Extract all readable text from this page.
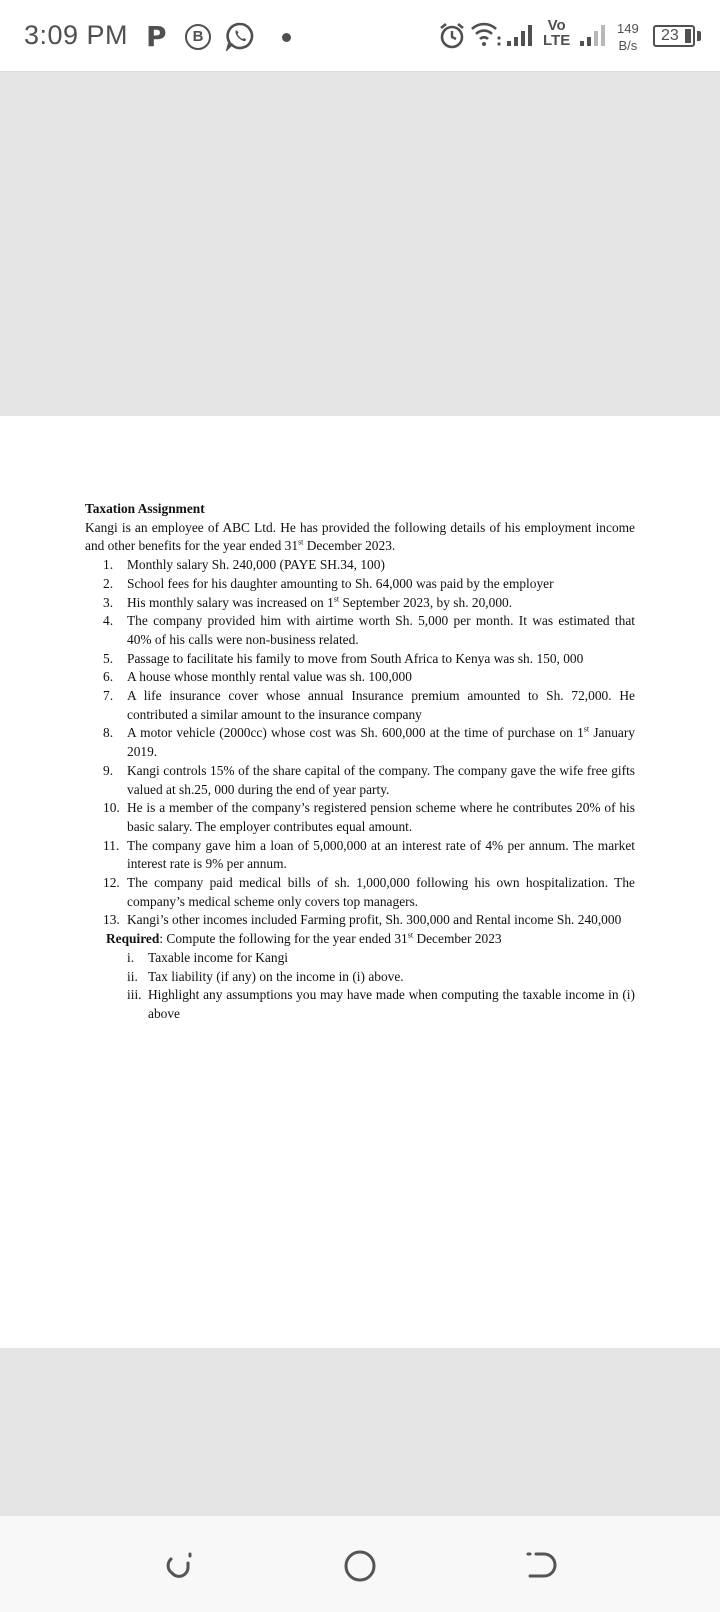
3:09 PM P	B
Vo
LTE
149
B/s
23
Taxation Assignment
Kangi is an employee of ABC Ltd. He has provided the following details of his employment income and other benefits for the year ended 31st December 2023.
1.	Monthly salary Sh. 240,000 (PAYE SH.34, 100)
2.	School fees for his daughter amounting to Sh. 64,000 was paid by the employer
3.	His monthly salary was increased on 1st September 2023, by sh. 20,000.
4.	The company provided him with airtime worth Sh. 5,000 per month. It was estimated that 40% of his calls were non-business related.
5.	Passage to facilitate his family to move from South Africa to Kenya was sh. 150, 000
6.	A house whose monthly rental value was sh. 100,000
7.	A life insurance cover whose annual Insurance premium amounted to Sh. 72,000. He contributed a similar amount to the insurance company
8.	A motor vehicle (2000cc) whose cost was Sh. 600,000 at the time of purchase on 1st January 2019.
9.	Kangi controls 15% of the share capital of the company. The company gave the wife free gifts valued at sh.25, 000 during the end of year party.
10. He is a member of the company’s registered pension scheme where he contributes 20% of his basic salary. The employer contributes equal amount.
11. The company gave him a loan of 5,000,000 at an interest rate of 4% per annum. The market interest rate is 9% per annum.
12. The company paid medical bills of sh. 1,000,000 following his own hospitalization. The company’s medical scheme only covers top managers.
13. Kangi’s other incomes included Farming profit, Sh. 300,000 and Rental income Sh. 240,000
Required: Compute the following for the year ended 31st December 2023
i. Taxable income for Kangi
ii. Tax liability (if any) on the income in (i) above.
iii. Highlight any assumptions you may have made when computing the taxable income in (i) above
